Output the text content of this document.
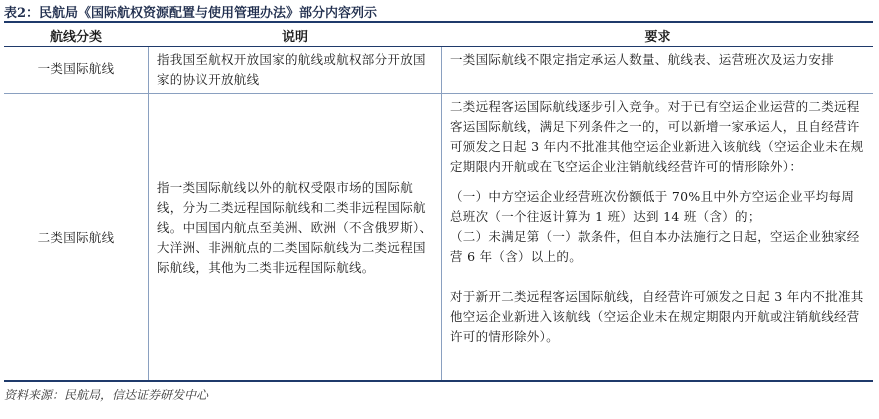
表2：民航局《国际航权资源配置与使用管理办法》部分内容列示
航线分类	说明	要求
一类国际航线
指我国至航权开放国家的航线或航权部分开放国家的协议开放航线

一类国际航线不限定指定承运人数量、航线表、运营班次及运力安排

二类国际航线
指一类国际航线以外的航权受限市场的国际航线，分为二类远程国际航线和二类非远程国际航线。中国国内航点至美洲、欧洲（不含俄罗斯）、大洋洲、非洲航点的二类国际航线为二类远程国际航线，其他为二类非远程国际航线。

二类远程客运国际航线逐步引入竞争。对于已有空运企业运营的二类远程客运国际航线，满足下列条件之一的，可以新增一家承运人，且自经营许可颁发之日起 3 年内不批准其他空运企业新进入该航线（空运企业未在规定期限内开航或在飞空运企业注销航线经营许可的情形除外）：

（一）中方空运企业经营班次份额低于 70%且中外方空运企业平均每周总班次（一个往返计算为 1 班）达到 14 班（含）的；

（二）未满足第（一）款条件，但自本办法施行之日起，空运企业独家经营 6 年（含）以上的。

对于新开二类远程客运国际航线，自经营许可颁发之日起 3 年内不批准其他空运企业新进入该航线（空运企业未在规定期限内开航或注销航线经营许可的情形除外）。

资料来源：民航局，信达证券研发中心
